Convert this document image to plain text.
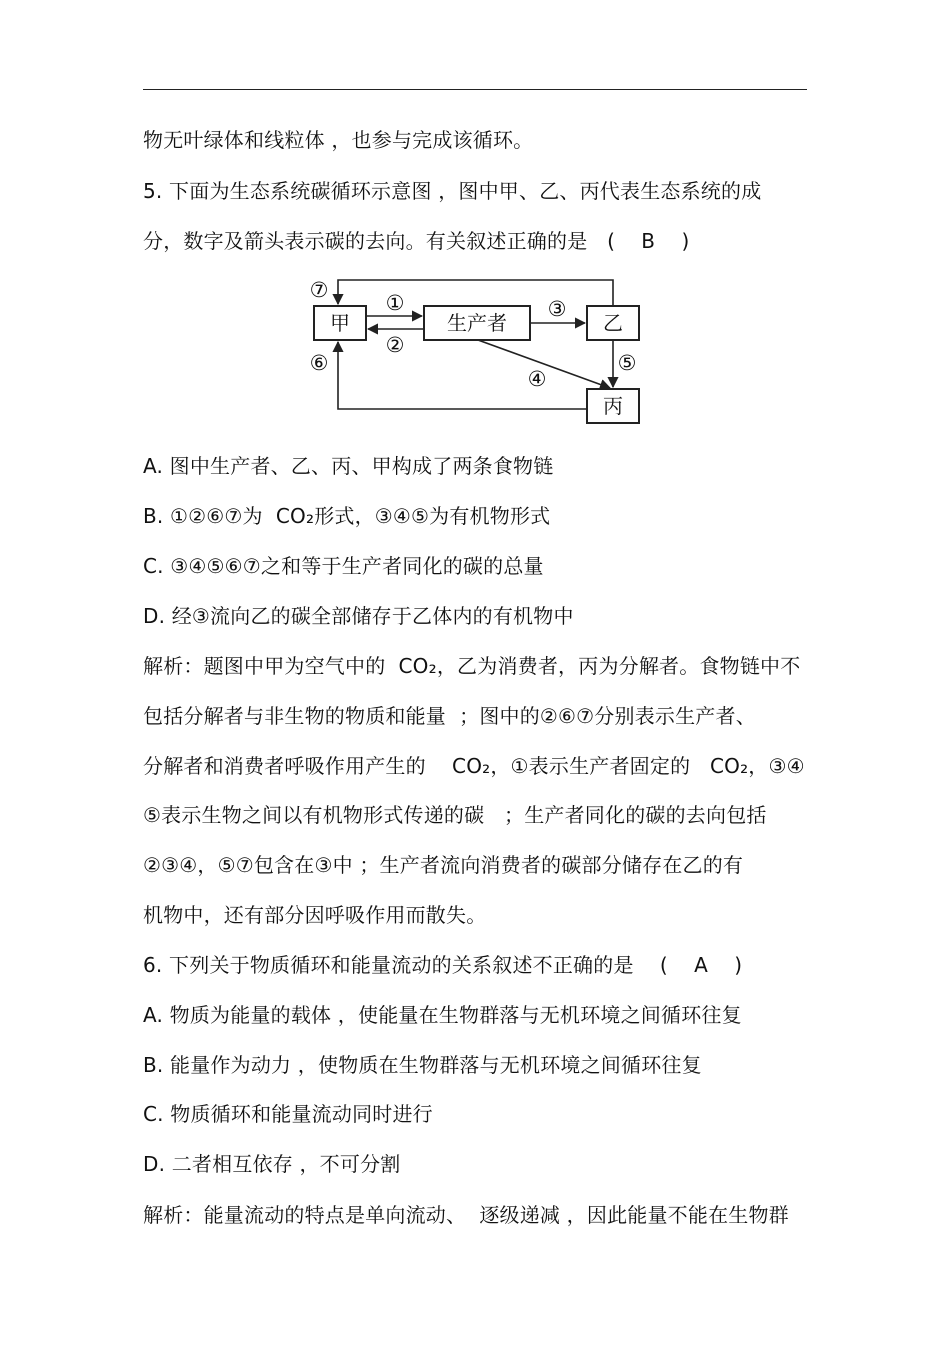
物无叶绿体和线粒体 ，也参与完成该循环。
5. 下面为生态系统碳循环示意图 ，图中甲、乙、丙代表生态系统的成
分，数字及箭头表示碳的去向。有关叙述正确的是   (    B    )
甲	生产者	乙
丙
①
②
③
④
⑤
⑥
⑦
A. 图中生产者、乙、丙、甲构成了两条食物链
B. ①②⑥⑦为  CO₂形式，③④⑤为有机物形式
C. ③④⑤⑥⑦之和等于生产者同化的碳的总量
D. 经③流向乙的碳全部储存于乙体内的有机物中
解析：题图中甲为空气中的  CO₂，乙为消费者，丙为分解者。食物链中不
包括分解者与非生物的物质和能量  ；图中的②⑥⑦分别表示生产者、
分解者和消费者呼吸作用产生的    CO₂，①表示生产者固定的   CO₂，③④
⑤表示生物之间以有机物形式传递的碳   ；生产者同化的碳的去向包括
②③④，⑤⑦包含在③中 ；生产者流向消费者的碳部分储存在乙的有
机物中，还有部分因呼吸作用而散失。
6. 下列关于物质循环和能量流动的关系叙述不正确的是    (    A    )
A. 物质为能量的载体 ，使能量在生物群落与无机环境之间循环往复
B. 能量作为动力 ，使物质在生物群落与无机环境之间循环往复
C. 物质循环和能量流动同时进行
D. 二者相互依存 ，不可分割
解析：能量流动的特点是单向流动、  逐级递减 ，因此能量不能在生物群
